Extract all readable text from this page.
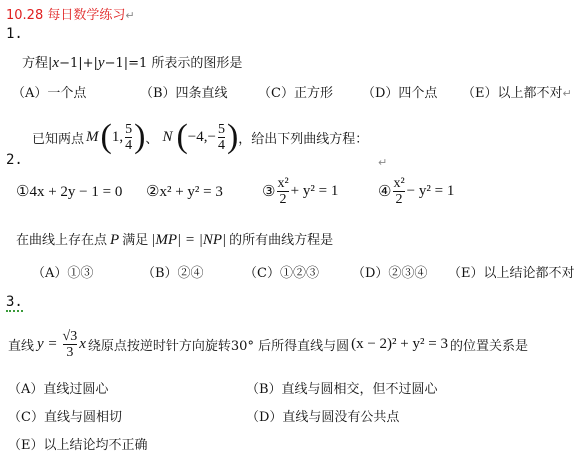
10.28 每日数学练习↵
1.
方程|x−1|+|y−1|=1 所表示的图形是
（A）一个点	（B）四条直线 （C）正方形 （D）四个点 （E）以上都不对↵
已知两点 M ( 1, $\frac{5}{4}$ ) 、 N ( $-4,- \frac{5}{4}$ ) ，给出下列曲线方程：
2.	↵
①4x + 2y − 1 = 0 ②x² + y² = 3	③ $\frac{\text{x²}}{2} + y^2 = 1$	④ $\frac{\text{x²}}{2} - y^2 = 1$
在曲线上存在点 P 满足 |MP| = |NP| 的所有曲线方程是
（A）①③	（B）②④	（C）①②③	（D）②③④ （E）以上结论都不对
3.
直线 $y = \frac{√3}{3}$ x 绕原点按逆时针方向旋转30° 后所得直线与圆 (x − 2)² + y² = 3 的位置关系是
（A）直线过圆心	（B）直线与圆相交，但不过圆心
（C）直线与圆相切	（D）直线与圆没有公共点
（E）以上结论均不正确
